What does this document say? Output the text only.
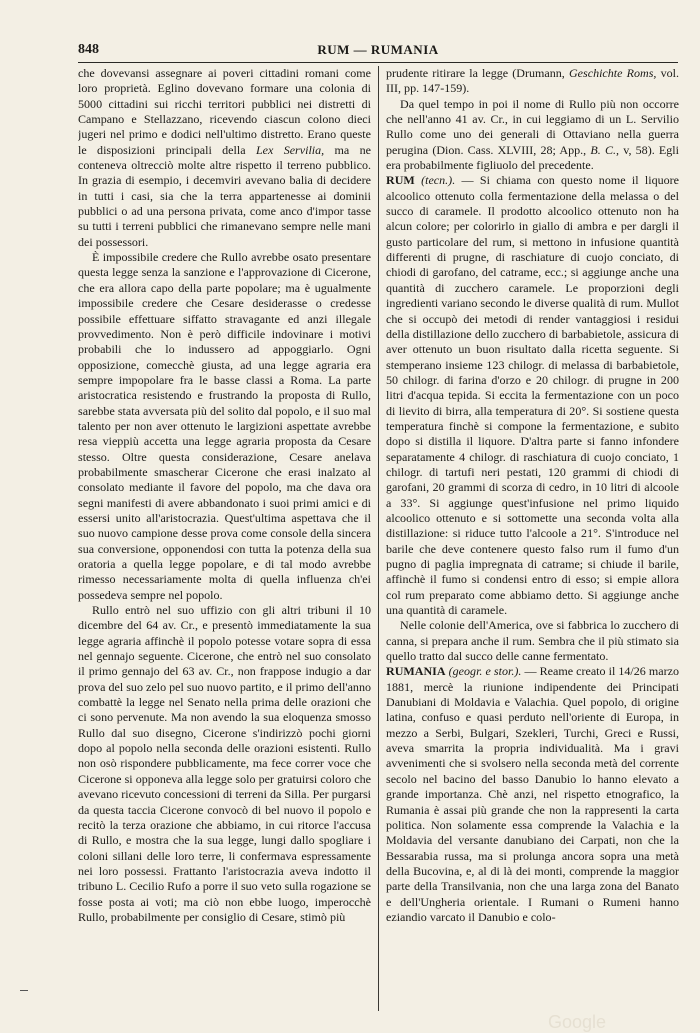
848	RUM — RUMANIA

che dovevansi assegnare ai poveri cittadini romani come loro proprietà. Eglino dovevano formare una colonia di 5000 cittadini sui ricchi territori pubblici nei distretti di Campano e Stellazzano, ricevendo ciascun colono dieci jugeri nel primo e dodici nell'ultimo distretto. Erano queste le disposizioni principali della Lex Servilia, ma ne conteneva oltrecciò molte altre rispetto il terreno pubblico. In grazia di esempio, i decemviri avevano balia di decidere in tutti i casi, sia che la terra appartenesse ai dominii pubblici o ad una persona privata, come anco d'impor tasse su tutti i terreni pubblici che rimanevano sempre nelle mani dei possessori.

È impossibile credere che Rullo avrebbe osato presentare questa legge senza la sanzione e l'approvazione di Cicerone, che era allora capo della parte popolare; ma è ugualmente impossibile credere che Cesare desiderasse o credesse possibile effettuare siffatto stravagante ed anzi illegale provvedimento. Non è però difficile indovinare i motivi probabili che lo indussero ad appoggiarlo. Ogni opposizione, comecchè giusta, ad una legge agraria era sempre impopolare fra le basse classi a Roma. La parte aristocratica resistendo e frustrando la proposta di Rullo, sarebbe stata avversata più del solito dal popolo, e il suo mal talento per non aver ottenuto le largizioni aspettate avrebbe resa vieppiù accetta una legge agraria proposta da Cesare stesso. Oltre questa considerazione, Cesare anelava probabilmente smascherar Cicerone che erasi inalzato al consolato mediante il favore del popolo, ma che dava ora segni manifesti di avere abbandonato i suoi primi amici e di essersi unito all'aristocrazia. Quest'ultima aspettava che il suo nuovo campione desse prova come console della sincera sua conversione, opponendosi con tutta la potenza della sua oratoria a quella legge popolare, e di tal modo avrebbe rimesso necessariamente molta di quella influenza ch'ei possedeva sempre nel popolo.

Rullo entrò nel suo uffizio con gli altri tribuni il 10 dicembre del 64 av. Cr., e presentò immediatamente la sua legge agraria affinchè il popolo potesse votare sopra di essa nel gennajo seguente. Cicerone, che entrò nel suo consolato il primo gennajo del 63 av. Cr., non frappose indugio a dar prova del suo zelo pel suo nuovo partito, e il primo dell'anno combattè la legge nel Senato nella prima delle orazioni che ci sono pervenute. Ma non avendo la sua eloquenza smosso Rullo dal suo disegno, Cicerone s'indirizzò pochi giorni dopo al popolo nella seconda delle orazioni esistenti. Rullo non osò rispondere pubblicamente, ma fece correr voce che Cicerone si opponeva alla legge solo per gratuirsi coloro che avevano ricevuto concessioni di terreni da Silla. Per purgarsi da questa taccia Cicerone convocò di bel nuovo il popolo e recitò la terza orazione che abbiamo, in cui ritorce l'accusa di Rullo, e mostra che la sua legge, lungi dallo spogliare i coloni sillani delle loro terre, li confermava espressamente nei loro possessi. Frattanto l'aristocrazia aveva indotto il tribuno L. Cecilio Rufo a porre il suo veto sulla rogazione se fosse posta ai voti; ma ciò non ebbe luogo, imperocchè Rullo, probabilmente per consiglio di Cesare, stimò più

prudente ritirare la legge (Drumann, Geschichte Roms, vol. III, pp. 147-159).

Da quel tempo in poi il nome di Rullo più non occorre che nell'anno 41 av. Cr., in cui leggiamo di un L. Servilio Rullo come uno dei generali di Ottaviano nella guerra perugina (Dion. Cass. XLVIII, 28; App., B. C., v, 58). Egli era probabilmente figliuolo del precedente.

RUM (tecn.). — Si chiama con questo nome il liquore alcoolico ottenuto colla fermentazione della melassa o del succo di caramele. Il prodotto alcoolico ottenuto non ha alcun colore; per colorirlo in giallo di ambra e per dargli il gusto particolare del rum, si mettono in infusione quantità differenti di prugne, di raschiature di cuojo conciato, di chiodi di garofano, del catrame, ecc.; si aggiunge anche una quantità di zucchero caramele. Le proporzioni degli ingredienti variano secondo le diverse qualità di rum. Mullot che si occupò dei metodi di render vantaggiosi i residui della distillazione dello zucchero di barbabietole, assicura di aver ottenuto un buon risultato dalla ricetta seguente. Si stemperano insieme 123 chilogr. di melassa di barbabietole, 50 chilogr. di farina d'orzo e 20 chilogr. di prugne in 200 litri d'acqua tepida. Si eccita la fermentazione con un poco di lievito di birra, alla temperatura di 20°. Si sostiene questa temperatura finchè si compone la fermentazione, e subito dopo si distilla il liquore. D'altra parte si fanno infondere separatamente 4 chilogr. di raschiatura di cuojo conciato, 1 chilogr. di tartufi neri pestati, 120 grammi di chiodi di garofani, 20 grammi di scorza di cedro, in 10 litri di alcoole a 33°. Si aggiunge quest'infusione nel primo liquido alcoolico ottenuto e si sottomette una seconda volta alla distillazione: si riduce tutto l'alcoole a 21°. S'introduce nel barile che deve contenere questo falso rum il fumo d'un pugno di paglia impregnata di catrame; si chiude il barile, affinchè il fumo si condensi entro di esso; si empie allora col rum preparato come abbiamo detto. Si aggiunge anche una quantità di caramele.

Nelle colonie dell'America, ove si fabbrica lo zucchero di canna, si prepara anche il rum. Sembra che il più stimato sia quello tratto dal succo delle canne fermentato.

RUMANIA (geogr. e stor.). — Reame creato il 14/26 marzo 1881, mercè la riunione indipendente dei Principati Danubiani di Moldavia e Valachia. Quel popolo, di origine latina, confuso e quasi perduto nell'oriente di Europa, in mezzo a Serbi, Bulgari, Szekleri, Turchi, Greci e Russi, aveva smarrita la propria individualità. Ma i gravi avvenimenti che si svolsero nella seconda metà del corrente secolo nel bacino del basso Danubio lo hanno elevato a grande importanza. Chè anzi, nel rispetto etnografico, la Rumania è assai più grande che non la rappresenti la carta politica. Non solamente essa comprende la Valachia e la Moldavia del versante danubiano dei Carpati, non che la Bessarabia russa, ma si prolunga ancora sopra una metà della Bucovina, e, al di là dei monti, comprende la maggior parte della Transilvania, non che una larga zona del Banato e dell'Ungheria orientale. I Rumani o Rumeni hanno eziandio varcato il Danubio e colo-

Google
